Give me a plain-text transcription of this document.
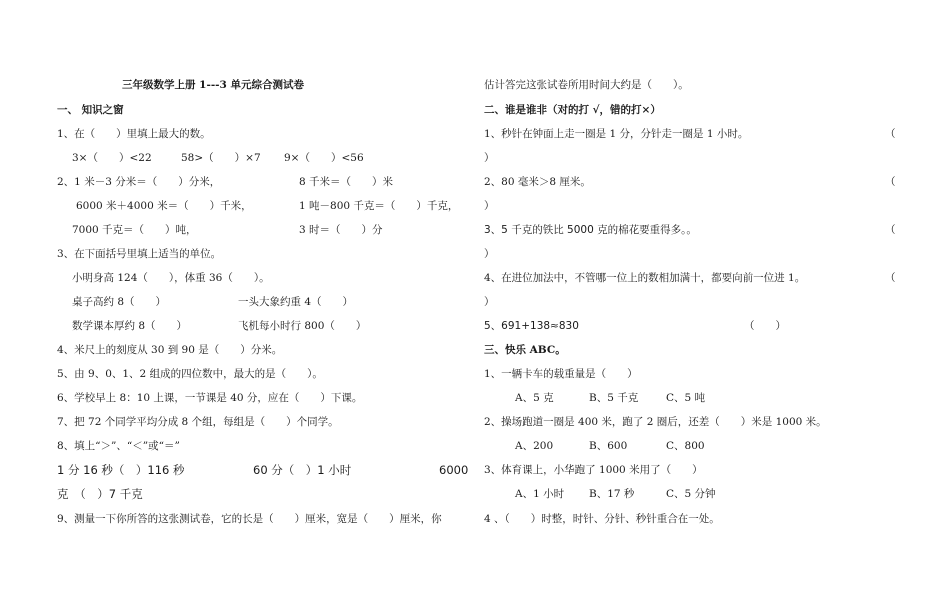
三年级数学上册 1---3 单元综合测试卷
一、 知识之窗
1、在（　　）里填上最大的数。
3×（　　）<22	58>（　　）×7 9×（　　）<56
2、1 米－3 分米＝（　　）分米，	8 千米＝（　　）米
6000 米＋4000 米＝（　　）千米，	1 吨－800 千克＝（　　）千克，
7000 千克＝（　　）吨，	3 时＝（　　）分
3、在下面括号里填上适当的单位。
小明身高 124（　　），体重 36（　　）。
桌子高约 8（　　）	一头大象约重 4（　　）
数学课本厚约 8（　　）	飞机每小时行 800（　　）
4、米尺上的刻度从 30 到 90 是（　　）分米。
5、由 9、0、1、2 组成的四位数中，最大的是（　　）。
6、学校早上 8：10 上课，一节课是 40 分，应在（　　）下课。
7、把 72 个同学平均分成 8 个组，每组是（　　）个同学。
8、填上“＞”、“＜”或“＝”
1 分 16 秒（　）116 秒	60 分（　）1 小时	6000
克　（　）7 千克
9、测量一下你所答的这张测试卷，它的长是（　　）厘米，宽是（　　）厘米，你
估计答完这张试卷所用时间大约是（　　）。
二、谁是谁非（对的打 √，错的打×）
1、秒针在钟面上走一圈是 1 分，分针走一圈是 1 小时。	（
）
2、80 毫米＞8 厘米。	（
）
3、5 千克的铁比 5000 克的棉花要重得多。。	（
）
4、在进位加法中，不管哪一位上的数相加满十，都要向前一位进 1。	（
）
5、691+138≈830	（　　）
三、快乐 ABC。
1、一辆卡车的载重量是（　　）
A、5 克	B、5 千克	C、5 吨
2、操场跑道一圈是 400 米，跑了 2 圈后，还差（　　）米是 1000 米。
A、200	B、600	C、800
3、体育课上，小华跑了 1000 米用了（　　）
A、1 小时 B、17 秒	C、5 分钟
4 、（　　）时整，时针、分针、秒针重合在一处。
